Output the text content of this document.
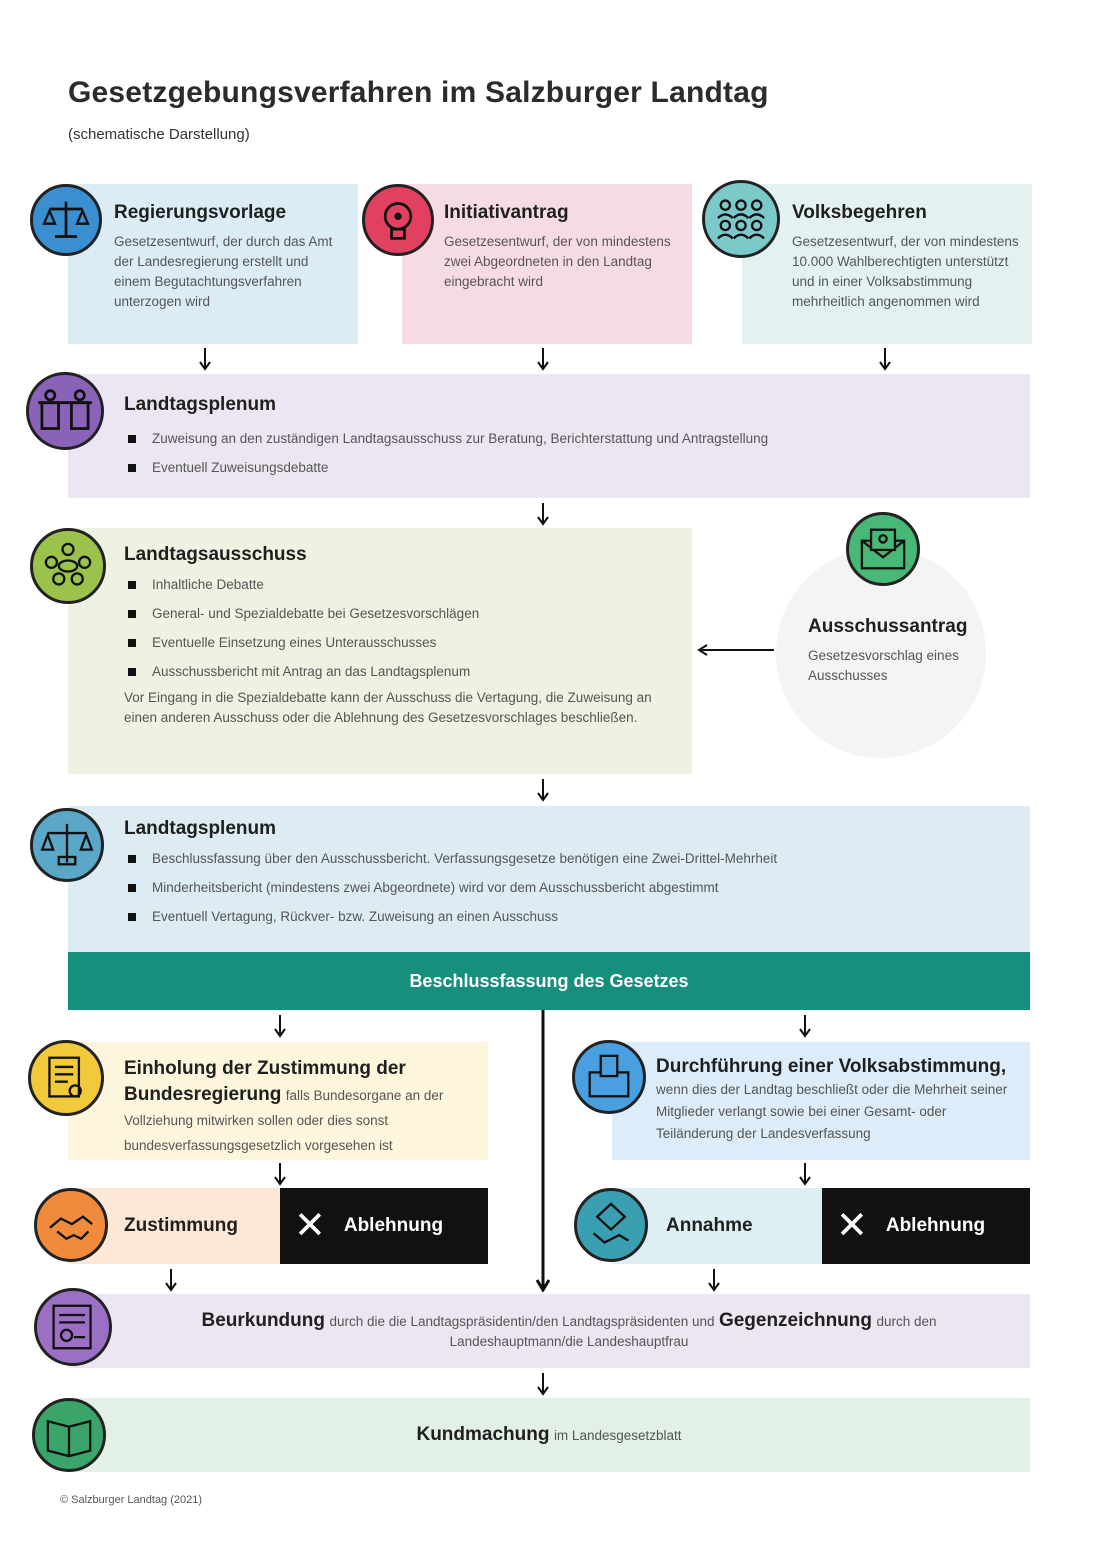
Gesetzgebungsverfahren im Salzburger Landtag
(schematische Darstellung)
Regierungsvorlage
Gesetzesentwurf, der durch das Amt der Landesregierung erstellt und einem Begutachtungsverfahren unterzogen wird
Initiativantrag
Gesetzesentwurf, der von mindestens zwei Abgeordneten in den Landtag eingebracht wird
Volksbegehren
Gesetzesentwurf, der von mindestens 10.000 Wahlberechtigten unterstützt und in einer Volksabstimmung mehrheitlich angenommen wird
Landtagsplenum
Zuweisung an den zuständigen Landtagsausschuss zur Beratung, Berichterstattung und Antragstellung
Eventuell Zuweisungsdebatte
Landtagsausschuss
Inhaltliche Debatte
General- und Spezialdebatte bei Gesetzesvorschlägen
Eventuelle Einsetzung eines Unterausschusses
Ausschussbericht mit Antrag an das Landtagsplenum
Vor Eingang in die Spezialdebatte kann der Ausschuss die Vertagung, die Zuweisung an einen anderen Ausschuss oder die Ablehnung des Gesetzesvorschlages beschließen.
Ausschussantrag
Gesetzesvorschlag eines Ausschusses
Landtagsplenum
Beschlussfassung über den Ausschussbericht. Verfassungsgesetze benötigen eine Zwei-Drittel-Mehrheit
Minderheitsbericht (mindestens zwei Abgeordnete) wird vor dem Ausschussbericht abgestimmt
Eventuell Vertagung, Rückver- bzw. Zuweisung an einen Ausschuss
Beschlussfassung des Gesetzes
Einholung der Zustimmung der Bundesregierung falls Bundesorgane an der Vollziehung mitwirken sollen oder dies sonst bundesverfassungsgesetzlich vorgesehen ist
Durchführung einer Volksabstimmung, wenn dies der Landtag beschließt oder die Mehrheit seiner Mitglieder verlangt sowie bei einer Gesamt- oder Teiländerung der Landesverfassung
Zustimmung ✕ Ablehnung	Annahme ✕ Ablehnung
Beurkundung durch die die Landtagspräsidentin/den Landtagspräsidenten und Gegenzeichnung durch den Landeshauptmann/die Landeshauptfrau
Kundmachung im Landesgesetzblatt
© Salzburger Landtag (2021)
